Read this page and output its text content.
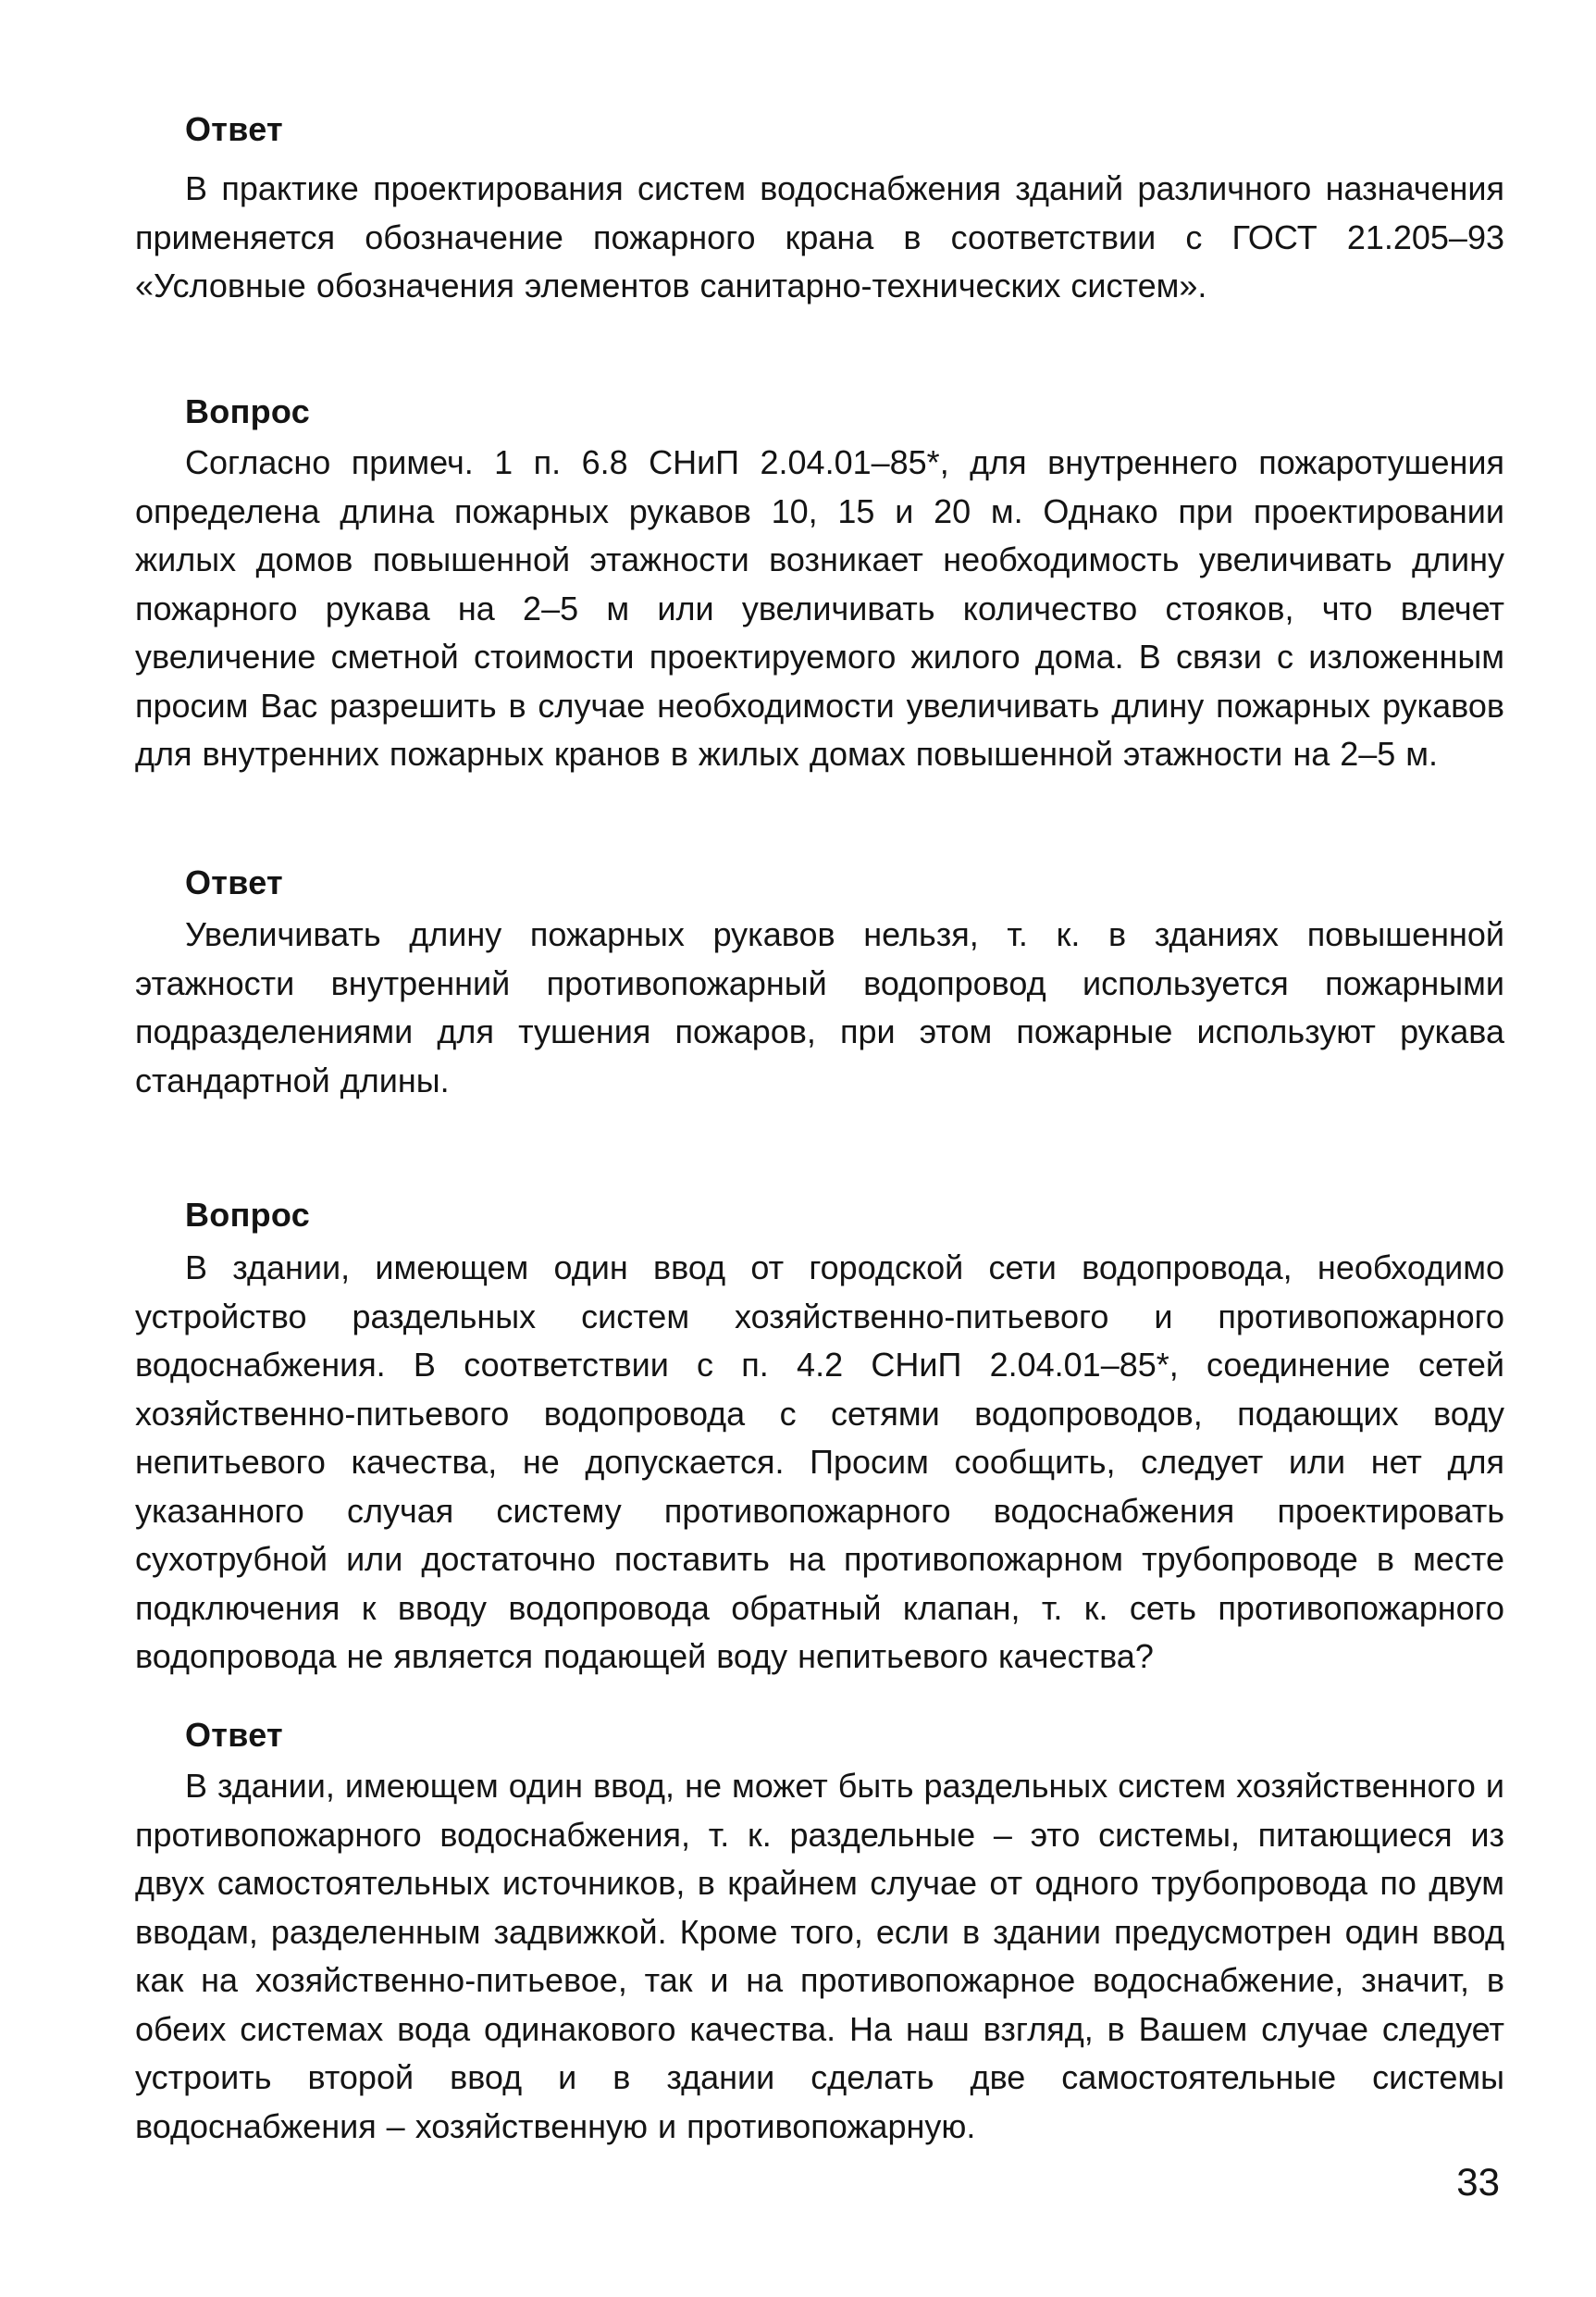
Ответ

В практике проектирования систем водоснабжения зданий различного назначения применяется обозначение пожарного крана в соответствии с ГОСТ 21.205–93 «Условные обозначения элементов санитарно-технических систем».

Вопрос

Согласно примеч. 1 п. 6.8 СНиП 2.04.01–85*, для внутреннего пожаротушения определена длина пожарных рукавов 10, 15 и 20 м. Однако при проектировании жилых домов повышенной этажности возникает необходимость увеличивать длину пожарного рукава на 2–5 м или увеличивать количество стояков, что влечет увеличение сметной стоимости проектируемого жилого дома. В связи с изложенным просим Вас разрешить в случае необходимости увеличивать длину пожарных рукавов для внутренних пожарных кранов в жилых домах повышенной этажности на 2–5 м.

Ответ

Увеличивать длину пожарных рукавов нельзя, т. к. в зданиях повышенной этажности внутренний противопожарный водопровод используется пожарными подразделениями для тушения пожаров, при этом пожарные используют рукава стандартной длины.

Вопрос

В здании, имеющем один ввод от городской сети водопровода, необходимо устройство раздельных систем хозяйственно-питьевого и противопожарного водоснабжения. В соответствии с п. 4.2 СНиП 2.04.01–85*, соединение сетей хозяйственно-питьевого водопровода с сетями водопроводов, подающих воду непитьевого качества, не допускается. Просим сообщить, следует или нет для указанного случая систему противопожарного водоснабжения проектировать сухотрубной или достаточно поставить на противопожарном трубопроводе в месте подключения к вводу водопровода обратный клапан, т. к. сеть противопожарного водопровода не является подающей воду непитьевого качества?

Ответ

В здании, имеющем один ввод, не может быть раздельных систем хозяйственного и противопожарного водоснабжения, т. к. раздельные – это системы, питающиеся из двух самостоятельных источников, в крайнем случае от одного трубопровода по двум вводам, разделенным задвижкой. Кроме того, если в здании предусмотрен один ввод как на хозяйственно-питьевое, так и на противопожарное водоснабжение, значит, в обеих системах вода одинакового качества. На наш взгляд, в Вашем случае следует устроить второй ввод и в здании сделать две самостоятельные системы водоснабжения – хозяйственную и противопожарную.

33
